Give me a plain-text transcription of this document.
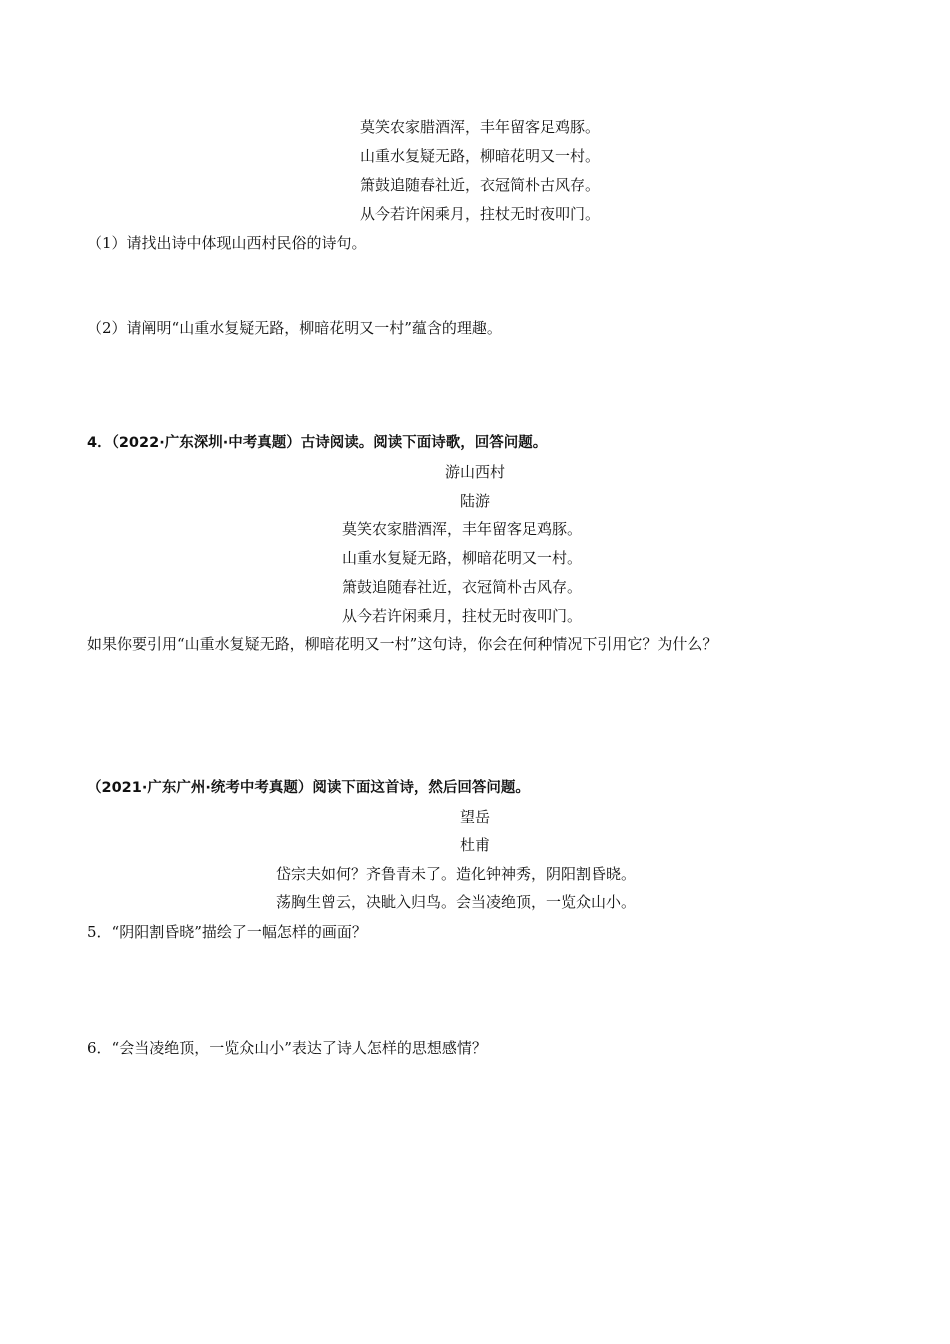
莫笑农家腊酒浑，丰年留客足鸡豚。
山重水复疑无路，柳暗花明又一村。
箫鼓追随春社近，衣冠简朴古风存。
从今若许闲乘月，拄杖无时夜叩门。
（1）请找出诗中体现山西村民俗的诗句。
（2）请阐明“山重水复疑无路，柳暗花明又一村”蕴含的理趣。
4．（2022·广东深圳·中考真题）古诗阅读。阅读下面诗歌，回答问题。
游山西村
陆游
莫笑农家腊酒浑，丰年留客足鸡豚。
山重水复疑无路，柳暗花明又一村。
箫鼓追随春社近，衣冠简朴古风存。
从今若许闲乘月，拄杖无时夜叩门。
如果你要引用“山重水复疑无路，柳暗花明又一村”这句诗，你会在何种情况下引用它？为什么？
（2021·广东广州·统考中考真题）阅读下面这首诗，然后回答问题。
望岳
杜甫
岱宗夫如何？齐鲁青未了。造化钟神秀，阴阳割昏晓。
荡胸生曾云，决眦入归鸟。会当凌绝顶，一览众山小。
5．“阴阳割昏晓”描绘了一幅怎样的画面？
6．“会当凌绝顶，一览众山小”表达了诗人怎样的思想感情？
